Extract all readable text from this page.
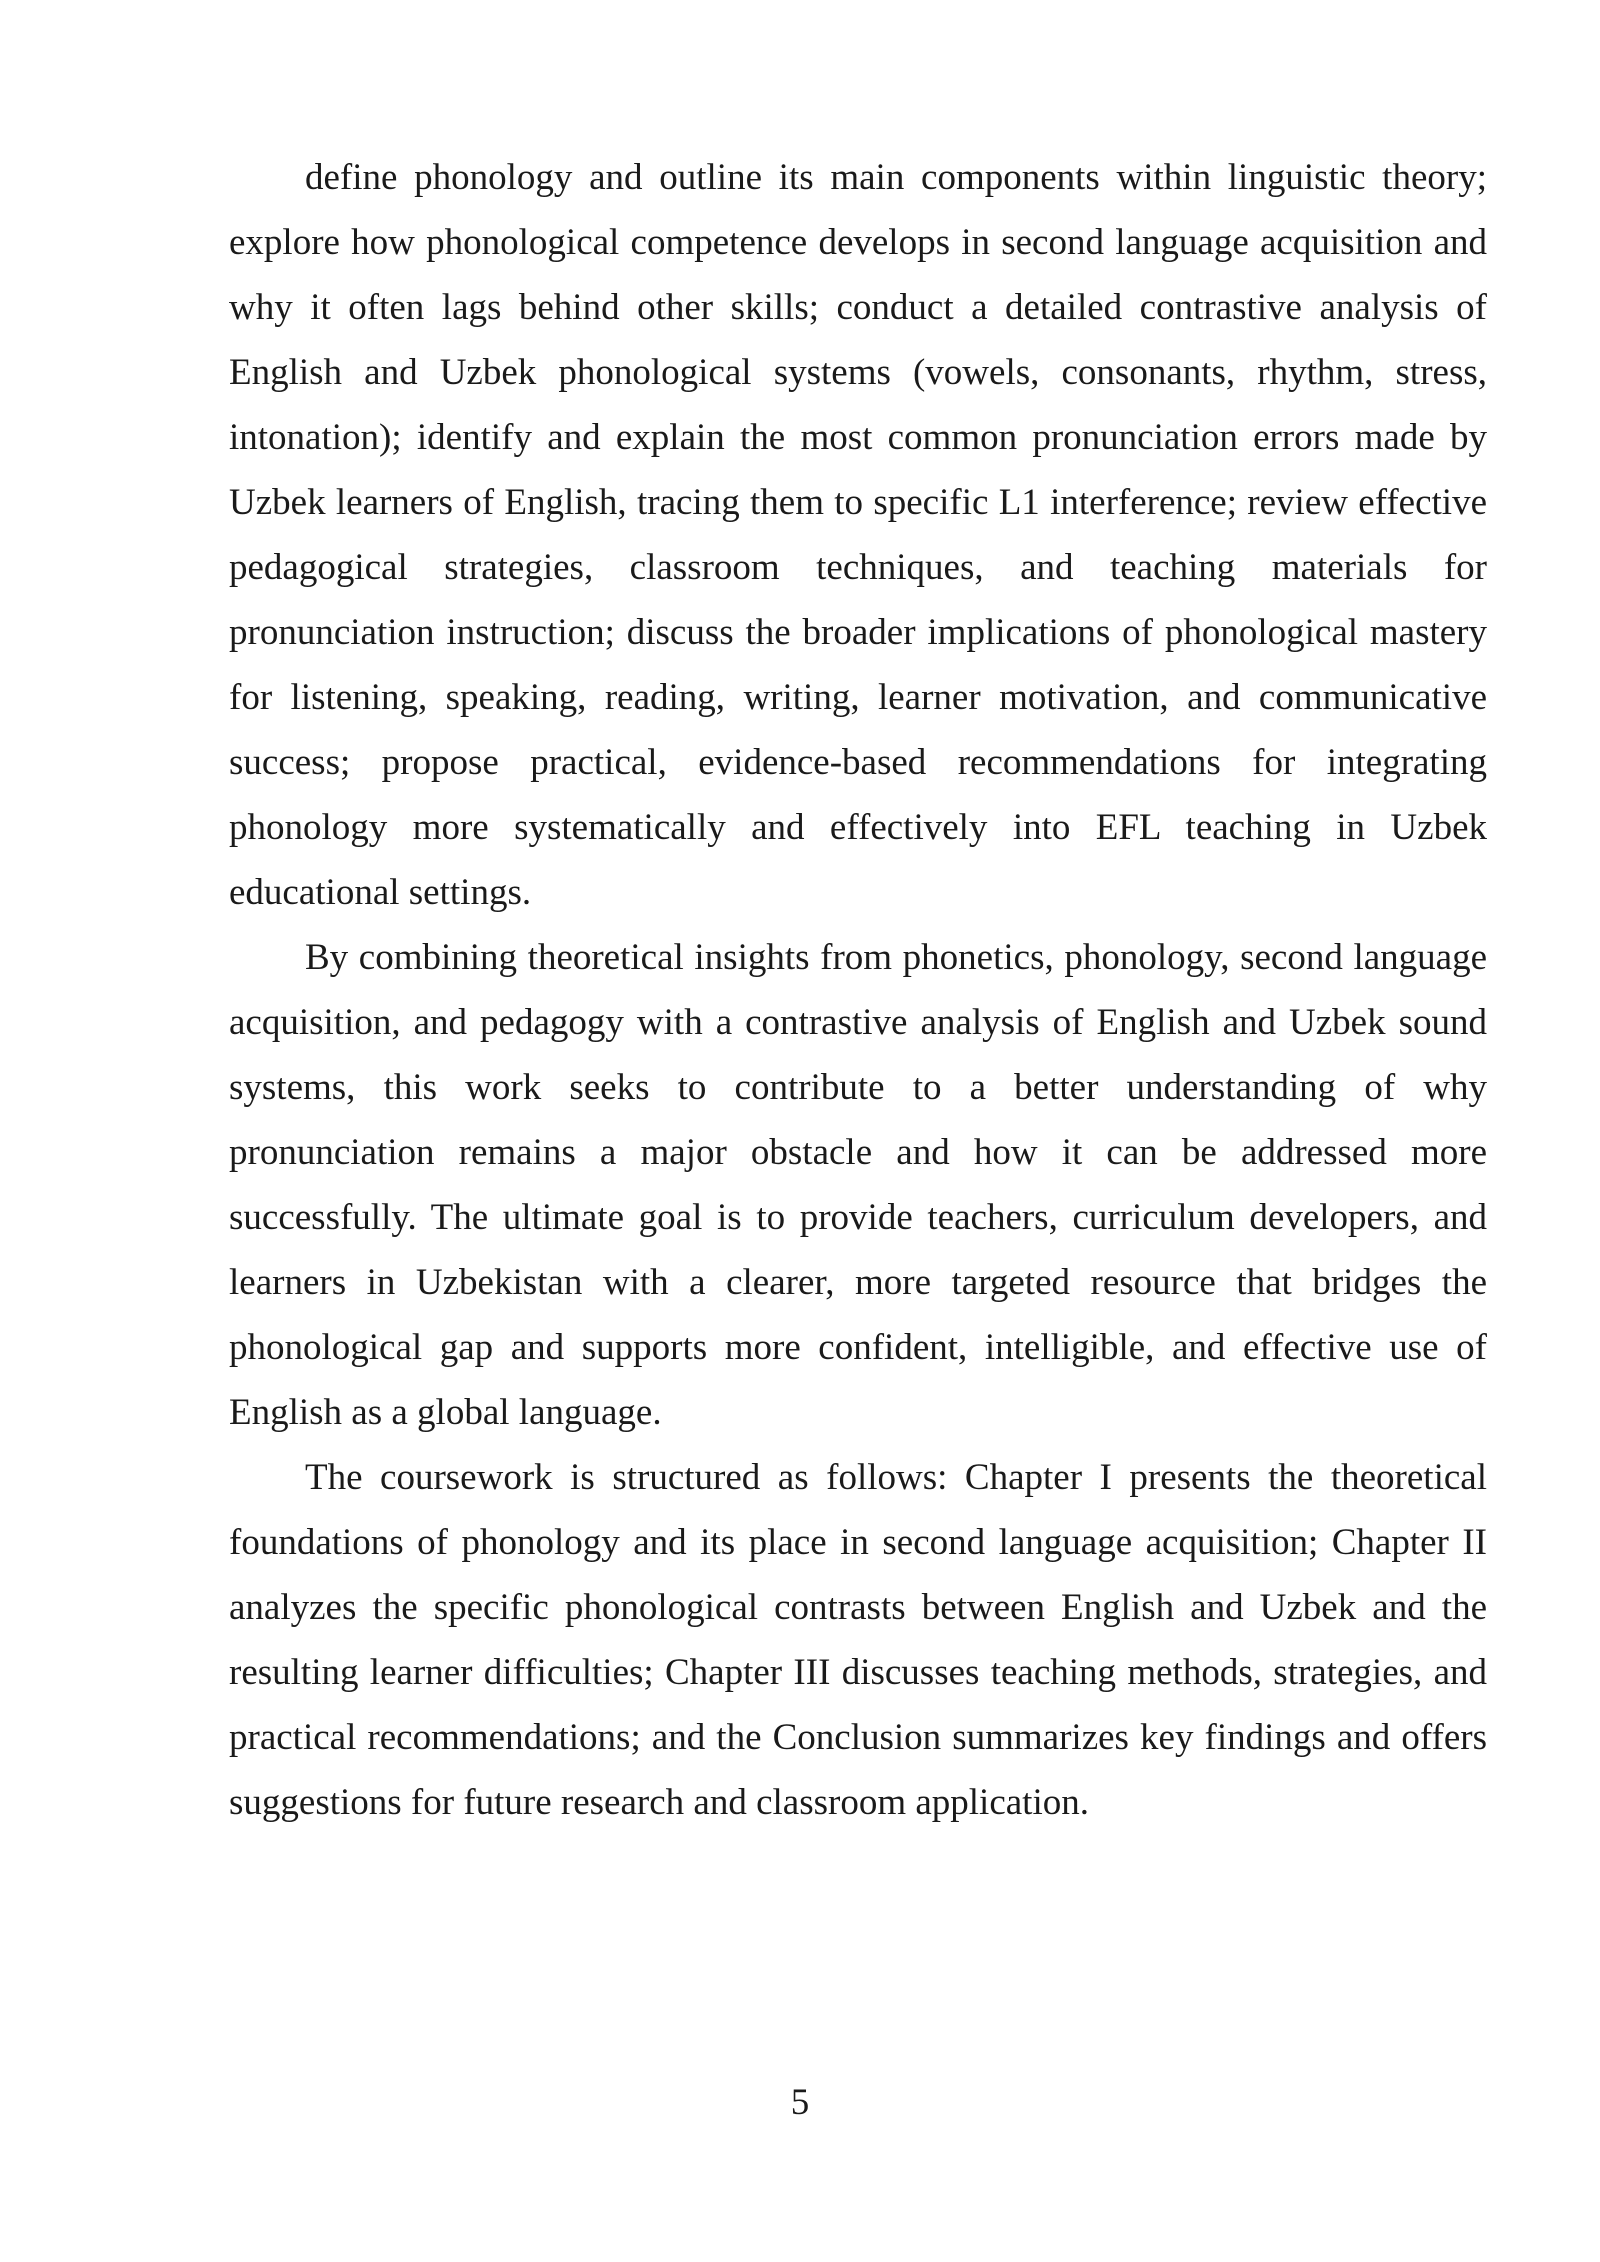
define phonology and outline its main components within linguistic theory; explore how phonological competence develops in second language acquisition and why it often lags behind other skills; conduct a detailed contrastive analysis of English and Uzbek phonological systems (vowels, consonants, rhythm, stress, intonation); identify and explain the most common pronunciation errors made by Uzbek learners of English, tracing them to specific L1 interference; review effective pedagogical strategies, classroom techniques, and teaching materials for pronunciation instruction; discuss the broader implications of phonological mastery for listening, speaking, reading, writing, learner motivation, and communicative success; propose practical, evidence-based recommendations for integrating phonology more systematically and effectively into EFL teaching in Uzbek educational settings.

By combining theoretical insights from phonetics, phonology, second language acquisition, and pedagogy with a contrastive analysis of English and Uzbek sound systems, this work seeks to contribute to a better understanding of why pronunciation remains a major obstacle and how it can be addressed more successfully. The ultimate goal is to provide teachers, curriculum developers, and learners in Uzbekistan with a clearer, more targeted resource that bridges the phonological gap and supports more confident, intelligible, and effective use of English as a global language.

The coursework is structured as follows: Chapter I presents the theoretical foundations of phonology and its place in second language acquisition; Chapter II analyzes the specific phonological contrasts between English and Uzbek and the resulting learner difficulties; Chapter III discusses teaching methods, strategies, and practical recommendations; and the Conclusion summarizes key findings and offers suggestions for future research and classroom application.

5
